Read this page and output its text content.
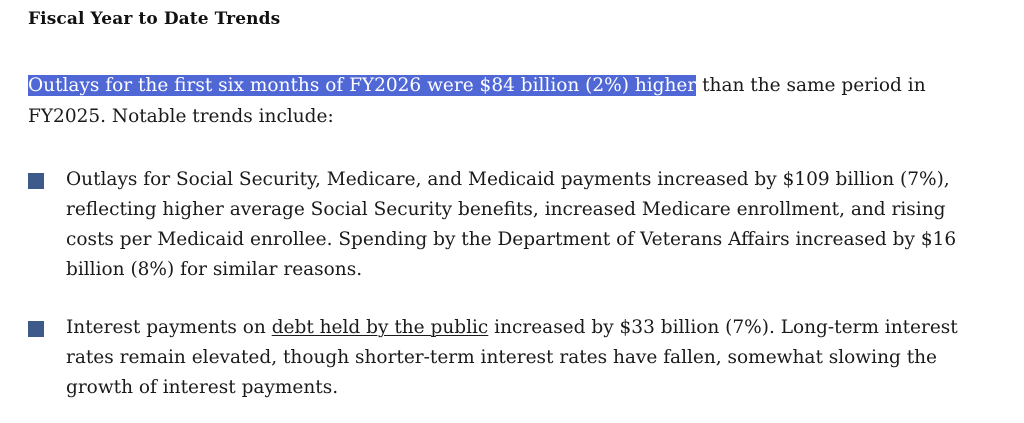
Fiscal Year to Date Trends

Outlays for the first six months of FY2026 were $84 billion (2%) higher than the same period in FY2025. Notable trends include:

Outlays for Social Security, Medicare, and Medicaid payments increased by $109 billion (7%), reflecting higher average Social Security benefits, increased Medicare enrollment, and rising costs per Medicaid enrollee. Spending by the Department of Veterans Affairs increased by $16 billion (8%) for similar reasons.
Interest payments on debt held by the public increased by $33 billion (7%). Long-term interest rates remain elevated, though shorter-term interest rates have fallen, somewhat slowing the growth of interest payments.
